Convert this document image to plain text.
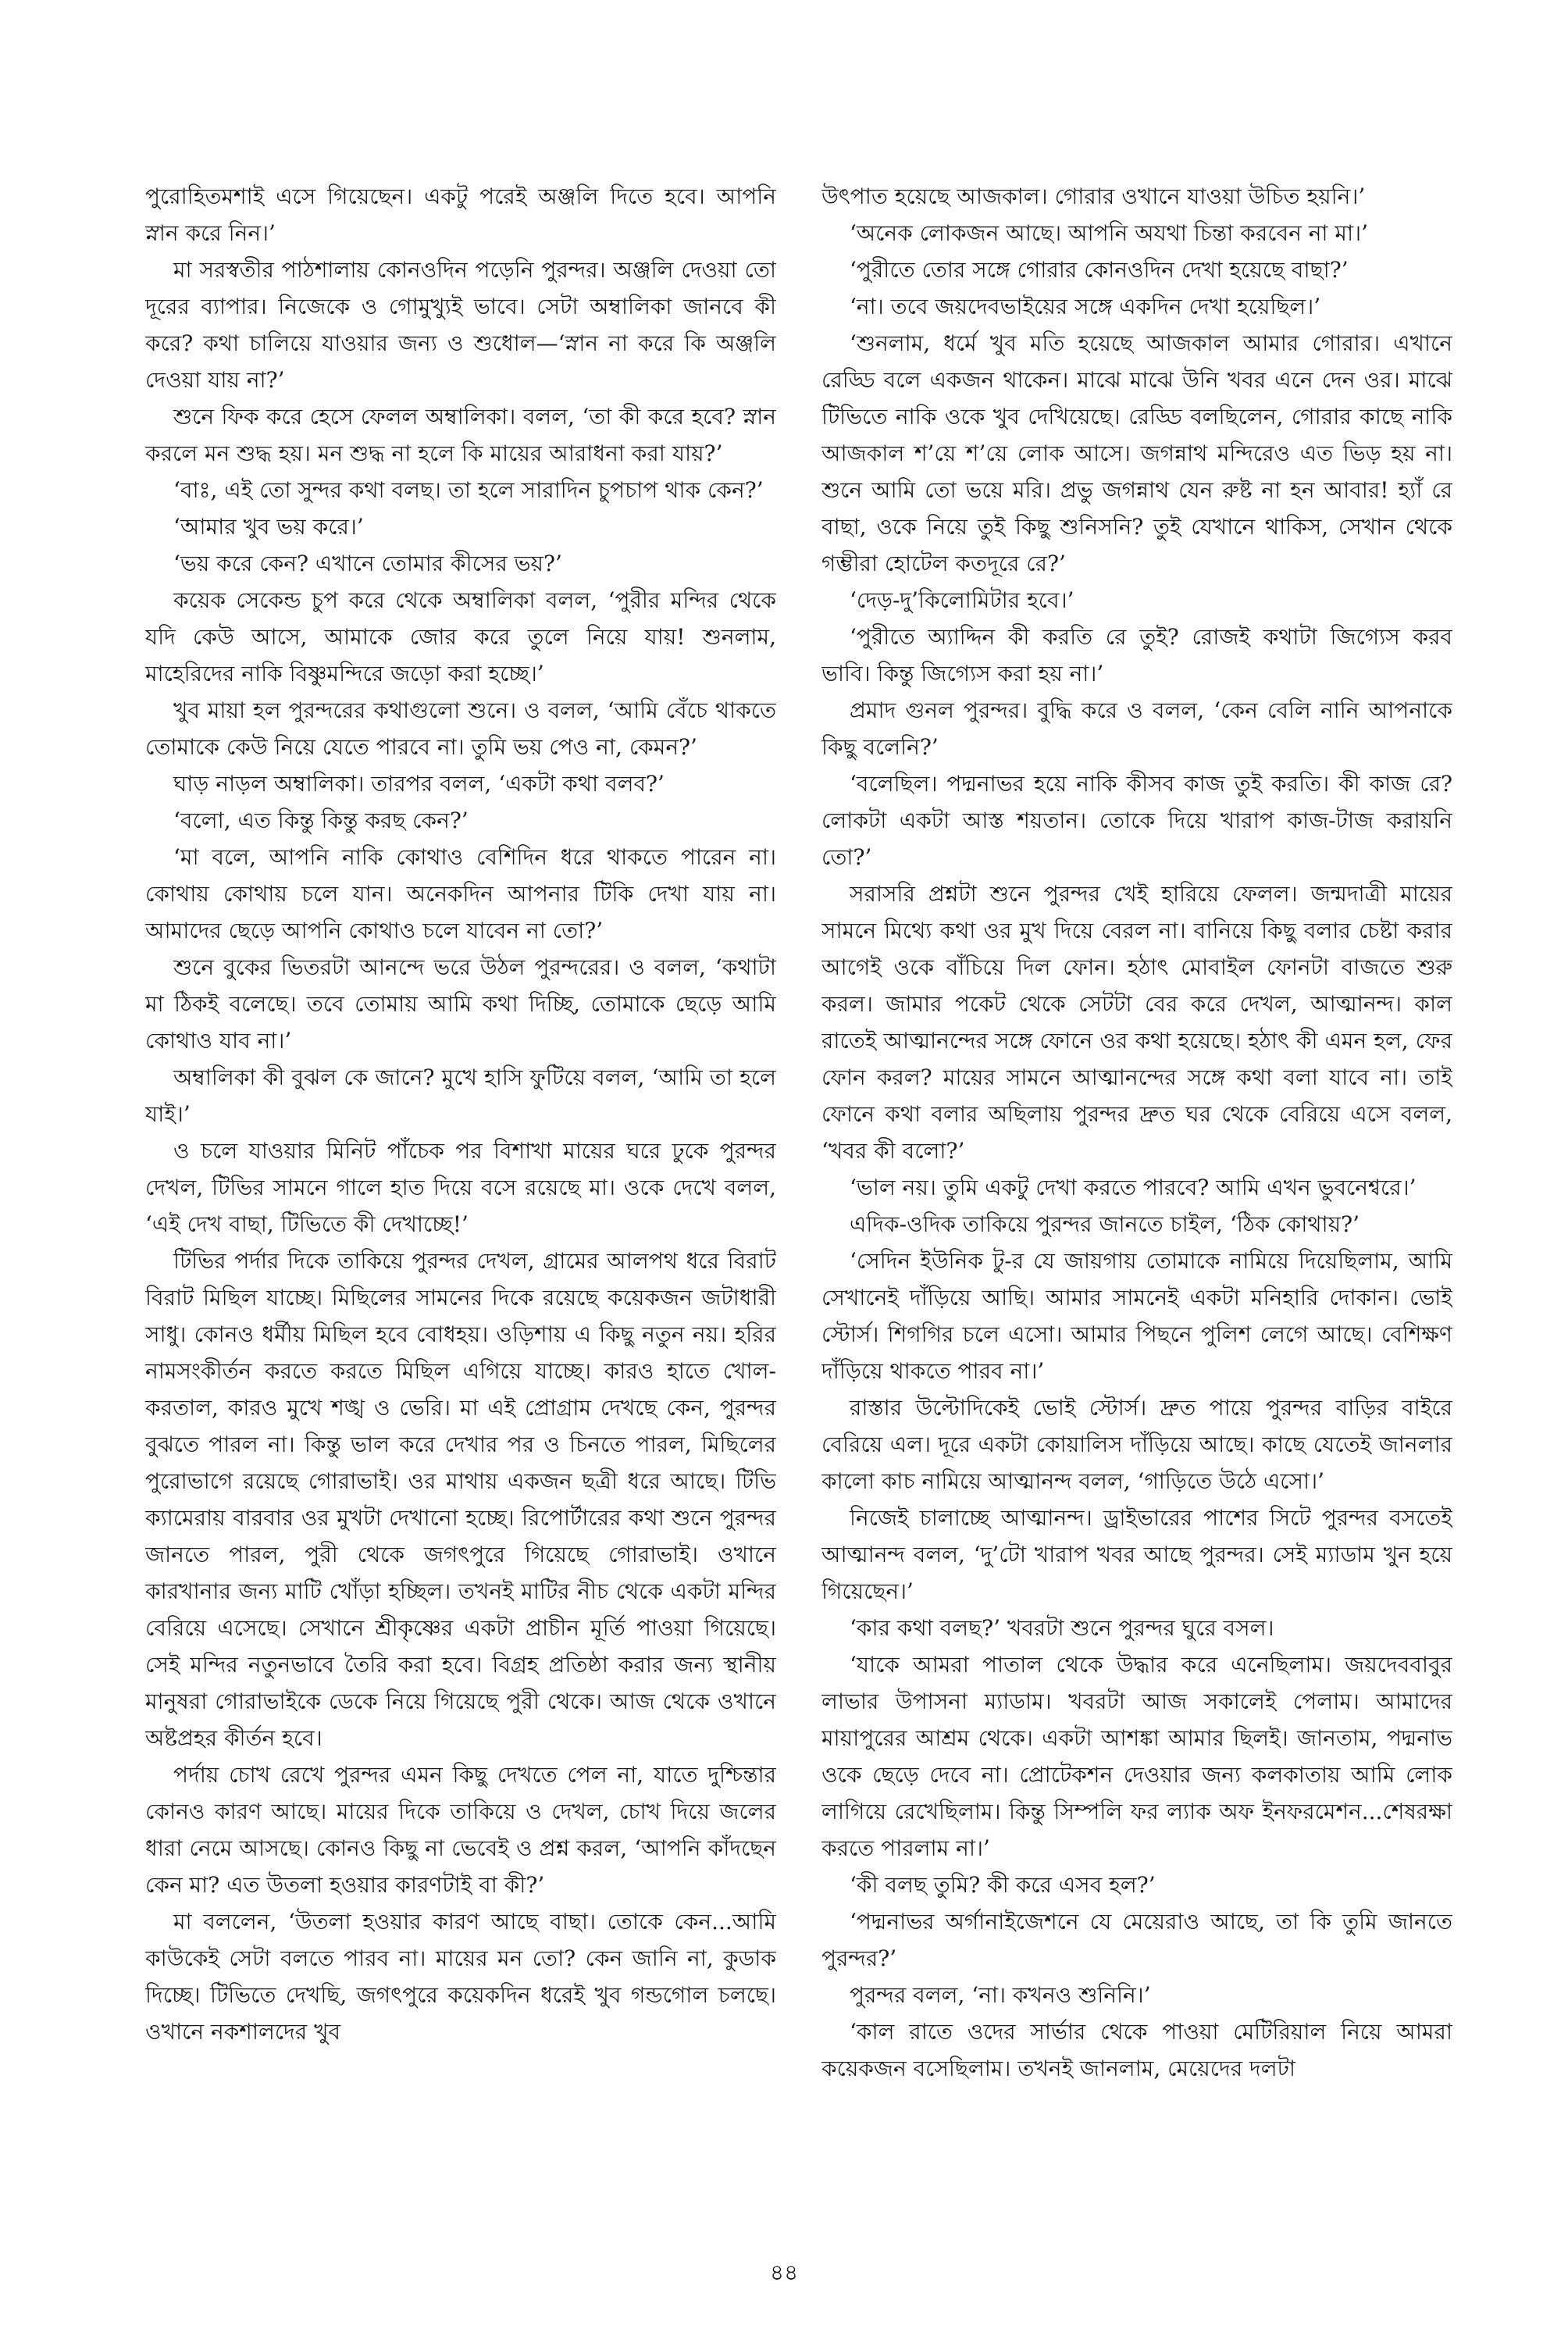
পুরোহিতমশাই এসে গিয়েছেন। একটু পরেই অঞ্জলি দিতে হবে। আপনি স্নান করে নিন।’

মা সরস্বতীর পাঠশালায় কোনওদিন পড়েনি পুরন্দর। অঞ্জলি দেওয়া তো দূরের ব্যাপার। নিজেকে ও গোমুখ্যুই ভাবে। সেটা অম্বালিকা জানবে কী করে? কথা চালিয়ে যাওয়ার জন্য ও শুধোল—‘স্নান না করে কি অঞ্জলি দেওয়া যায় না?’

শুনে ফিক করে হেসে ফেলল অম্বালিকা। বলল, ‘তা কী করে হবে? স্নান করলে মন শুদ্ধ হয়। মন শুদ্ধ না হলে কি মায়ের আরাধনা করা যায়?’

‘বাঃ, এই তো সুন্দর কথা বলছ। তা হলে সারাদিন চুপচাপ থাক কেন?’

‘আমার খুব ভয় করে।’

‘ভয় করে কেন? এখানে তোমার কীসের ভয়?’

কয়েক সেকেন্ড চুপ করে থেকে অম্বালিকা বলল, ‘পুরীর মন্দির থেকে যদি কেউ আসে, আমাকে জোর করে তুলে নিয়ে যায়! শুনলাম, মাহেরিদের নাকি বিষ্ণুমন্দিরে জড়ো করা হচ্ছে।’

খুব মায়া হল পুরন্দরের কথাগুলো শুনে। ও বলল, ‘আমি বেঁচে থাকতে তোমাকে কেউ নিয়ে যেতে পারবে না। তুমি ভয় পেও না, কেমন?’

ঘাড় নাড়ল অম্বালিকা। তারপর বলল, ‘একটা কথা বলব?’

‘বলো, এত কিন্তু কিন্তু করছ কেন?’

‘মা বলে, আপনি নাকি কোথাও বেশিদিন ধরে থাকতে পারেন না। কোথায় কোথায় চলে যান। অনেকদিন আপনার টিকি দেখা যায় না। আমাদের ছেড়ে আপনি কোথাও চলে যাবেন না তো?’

শুনে বুকের ভিতরটা আনন্দে ভরে উঠল পুরন্দরের। ও বলল, ‘কথাটা মা ঠিকই বলেছে। তবে তোমায় আমি কথা দিচ্ছি, তোমাকে ছেড়ে আমি কোথাও যাব না।’

অম্বালিকা কী বুঝল কে জানে? মুখে হাসি ফুটিয়ে বলল, ‘আমি তা হলে যাই।’

ও চলে যাওয়ার মিনিট পাঁচেক পর বিশাখা মায়ের ঘরে ঢুকে পুরন্দর দেখল, টিভির সামনে গালে হাত দিয়ে বসে রয়েছে মা। ওকে দেখে বলল, ‘এই দেখ বাছা, টিভিতে কী দেখাচ্ছে!’

টিভির পর্দার দিকে তাকিয়ে পুরন্দর দেখল, গ্রামের আলপথ ধরে বিরাট বিরাট মিছিল যাচ্ছে। মিছিলের সামনের দিকে রয়েছে কয়েকজন জটাধারী সাধু। কোনও ধর্মীয় মিছিল হবে বোধহয়। ওড়িশায় এ কিছু নতুন নয়। হরির নামসংকীর্তন করতে করতে মিছিল এগিয়ে যাচ্ছে। কারও হাতে খোল-করতাল, কারও মুখে শঙ্খ ও ভেরি। মা এই প্রোগ্রাম দেখছে কেন, পুরন্দর বুঝতে পারল না। কিন্তু ভাল করে দেখার পর ও চিনতে পারল, মিছিলের পুরোভাগে রয়েছে গোরাভাই। ওর মাথায় একজন ছত্রী ধরে আছে। টিভি ক্যামেরায় বারবার ওর মুখটা দেখানো হচ্ছে। রিপোর্টারের কথা শুনে পুরন্দর জানতে পারল, পুরী থেকে জগৎপুরে গিয়েছে গোরাভাই। ওখানে কারখানার জন্য মাটি খোঁড়া হচ্ছিল। তখনই মাটির নীচ থেকে একটা মন্দির বেরিয়ে এসেছে। সেখানে শ্রীকৃষ্ণের একটা প্রাচীন মূর্তি পাওয়া গিয়েছে। সেই মন্দির নতুনভাবে তৈরি করা হবে। বিগ্রহ প্রতিষ্ঠা করার জন্য স্থানীয় মানুষরা গোরাভাইকে ডেকে নিয়ে গিয়েছে পুরী থেকে। আজ থেকে ওখানে অষ্টপ্রহর কীর্তন হবে।

পর্দায় চোখ রেখে পুরন্দর এমন কিছু দেখতে পেল না, যাতে দুশ্চিন্তার কোনও কারণ আছে। মায়ের দিকে তাকিয়ে ও দেখল, চোখ দিয়ে জলের ধারা নেমে আসছে। কোনও কিছু না ভেবেই ও প্রশ্ন করল, ‘আপনি কাঁদছেন কেন মা? এত উতলা হওয়ার কারণটাই বা কী?’

মা বললেন, ‘উতলা হওয়ার কারণ আছে বাছা। তোকে কেন...আমি কাউকেই সেটা বলতে পারব না। মায়ের মন তো? কেন জানি না, কুডাক দিচ্ছে। টিভিতে দেখছি, জগৎপুরে কয়েকদিন ধরেই খুব গন্ডগোল চলছে। ওখানে নকশালদের খুব

উৎপাত হয়েছে আজকাল। গোরার ওখানে যাওয়া উচিত হয়নি।’

‘অনেক লোকজন আছে। আপনি অযথা চিন্তা করবেন না মা।’

‘পুরীতে তোর সঙ্গে গোরার কোনওদিন দেখা হয়েছে বাছা?’

‘না। তবে জয়দেবভাইয়ের সঙ্গে একদিন দেখা হয়েছিল।’

‘শুনলাম, ধর্মে খুব মতি হয়েছে আজকাল আমার গোরার। এখানে রেড্ডি বলে একজন থাকেন। মাঝে মাঝে উনি খবর এনে দেন ওর। মাঝে টিভিতে নাকি ওকে খুব দেখিয়েছে। রেড্ডি বলছিলেন, গোরার কাছে নাকি আজকাল শ’য়ে শ’য়ে লোক আসে। জগন্নাথ মন্দিরেও এত ভিড় হয় না। শুনে আমি তো ভয়ে মরি। প্রভু জগন্নাথ যেন রুষ্ট না হন আবার! হ্যাঁ রে বাছা, ওকে নিয়ে তুই কিছু শুনিসনি? তুই যেখানে থাকিস, সেখান থেকে গম্ভীরা হোটেল কতদূরে রে?’

‘দেড়-দু’কিলোমিটার হবে।’

‘পুরীতে অ্যাদ্দিন কী করতি রে তুই? রোজই কথাটা জিগ্যেস করব ভাবি। কিন্তু জিগ্যেস করা হয় না।’

প্রমাদ গুনল পুরন্দর। বুদ্ধি করে ও বলল, ‘কেন বেলি নানি আপনাকে কিছু বলেনি?’

‘বলেছিল। পদ্মনাভর হয়ে নাকি কীসব কাজ তুই করতি। কী কাজ রে? লোকটা একটা আস্ত শয়তান। তোকে দিয়ে খারাপ কাজ-টাজ করায়নি তো?’

সরাসরি প্রশ্নটা শুনে পুরন্দর খেই হারিয়ে ফেলল। জন্মদাত্রী মায়ের সামনে মিথ্যে কথা ওর মুখ দিয়ে বেরল না। বানিয়ে কিছু বলার চেষ্টা করার আগেই ওকে বাঁচিয়ে দিল ফোন। হঠাৎ মোবাইল ফোনটা বাজতে শুরু করল। জামার পকেট থেকে সেটটা বের করে দেখল, আত্মানন্দ। কাল রাতেই আত্মানন্দের সঙ্গে ফোনে ওর কথা হয়েছে। হঠাৎ কী এমন হল, ফের ফোন করল? মায়ের সামনে আত্মানন্দের সঙ্গে কথা বলা যাবে না। তাই ফোনে কথা বলার অছিলায় পুরন্দর দ্রুত ঘর থেকে বেরিয়ে এসে বলল, ‘খবর কী বলো?’

‘ভাল নয়। তুমি একটু দেখা করতে পারবে? আমি এখন ভুবনেশ্বরে।’

এদিক-ওদিক তাকিয়ে পুরন্দর জানতে চাইল, ‘ঠিক কোথায়?’

‘সেদিন ইউনিক টু-র যে জায়গায় তোমাকে নামিয়ে দিয়েছিলাম, আমি সেখানেই দাঁড়িয়ে আছি। আমার সামনেই একটা মনিহারি দোকান। ভোই স্টোর্স। শিগগির চলে এসো। আমার পিছনে পুলিশ লেগে আছে। বেশিক্ষণ দাঁড়িয়ে থাকতে পারব না।’

রাস্তার উল্টোদিকেই ভোই স্টোর্স। দ্রুত পায়ে পুরন্দর বাড়ির বাইরে বেরিয়ে এল। দূরে একটা কোয়ালিস দাঁড়িয়ে আছে। কাছে যেতেই জানলার কালো কাচ নামিয়ে আত্মানন্দ বলল, ‘গাড়িতে উঠে এসো।’

নিজেই চালাচ্ছে আত্মানন্দ। ড্রাইভারের পাশের সিটে পুরন্দর বসতেই আত্মানন্দ বলল, ‘দু’টো খারাপ খবর আছে পুরন্দর। সেই ম্যাডাম খুন হয়ে গিয়েছেন।’

‘কার কথা বলছ?’ খবরটা শুনে পুরন্দর ঘুরে বসল।

‘যাকে আমরা পাতাল থেকে উদ্ধার করে এনেছিলাম। জয়দেববাবুর লাভার উপাসনা ম্যাডাম। খবরটা আজ সকালেই পেলাম। আমাদের মায়াপুরের আশ্রম থেকে। একটা আশঙ্কা আমার ছিলই। জানতাম, পদ্মনাভ ওকে ছেড়ে দেবে না। প্রোটেকশন দেওয়ার জন্য কলকাতায় আমি লোক লাগিয়ে রেখেছিলাম। কিন্তু সিম্পলি ফর ল্যাক অফ ইনফরমেশন...শেষরক্ষা করতে পারলাম না।’

‘কী বলছ তুমি? কী করে এসব হল?’

‘পদ্মনাভর অর্গানাইজেশনে যে মেয়েরাও আছে, তা কি তুমি জানতে পুরন্দর?’

পুরন্দর বলল, ‘না। কখনও শুনিনি।’

‘কাল রাতে ওদের সার্ভার থেকে পাওয়া মেটিরিয়াল নিয়ে আমরা কয়েকজন বসেছিলাম। তখনই জানলাম, মেয়েদের দলটা

৪৪
